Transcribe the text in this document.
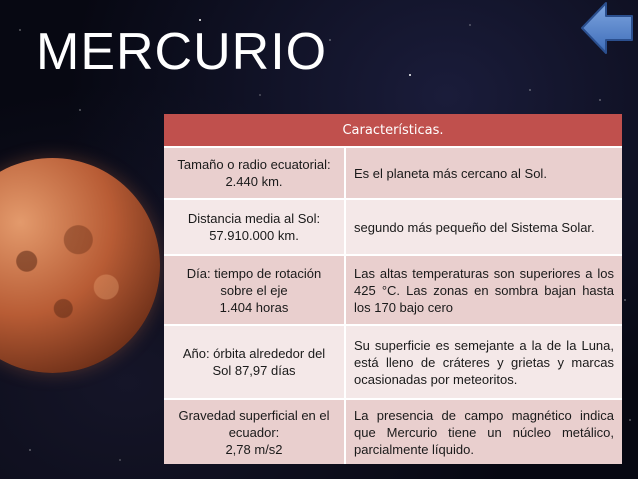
MERCURIO
Características.	

Tamaño o radio ecuatorial:
2.440 km.	Es el planeta más cercano al Sol.

Distancia media al Sol:
57.910.000 km.	segundo más pequeño del Sistema Solar.

Día: tiempo de rotación
sobre el eje
1.404 horas	Las altas temperaturas son superiores a los 425 °C. Las zonas en sombra bajan hasta los 170 bajo cero

Año: órbita alrededor del
Sol 87,97 días	Su superficie es semejante a la de la Luna, está lleno de cráteres y grietas y marcas ocasionadas por meteoritos.

Gravedad superficial en el
ecuador:
2,78 m/s2	La presencia de campo magnético indica que Mercurio tiene un núcleo metálico, parcialmente líquido.
